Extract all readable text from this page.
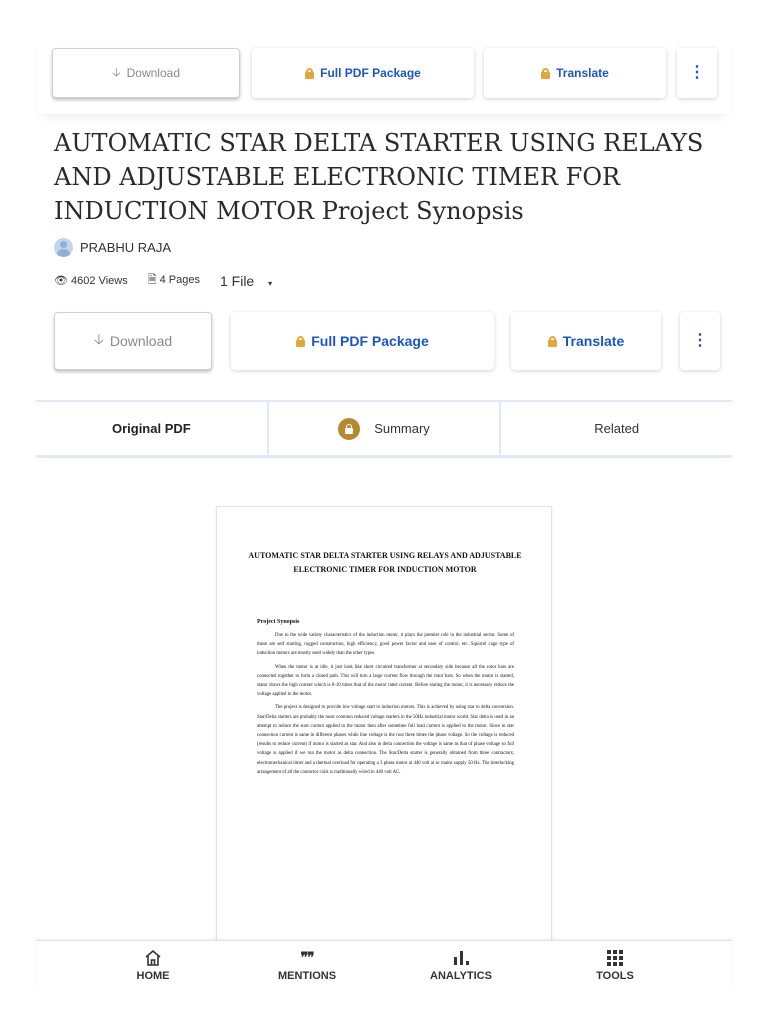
🡣 Download	Full PDF Package	Translate	⋮
AUTOMATIC STAR DELTA STARTER USING RELAYS AND ADJUSTABLE ELECTRONIC TIMER FOR INDUCTION MOTOR Project Synopsis
PRABHU RAJA
👁 4602 Views	🗎 4 Pages	1 File ▾
🡣 Download	Full PDF Package	Translate	⋮
Original PDF	Summary	Related
AUTOMATIC STAR DELTA STARTER USING RELAYS AND ADJUSTABLE ELECTRONIC TIMER FOR INDUCTION MOTOR
Project Synopsis

Due to the wide variety characteristics of the induction motor, it plays the premier role in the industrial sector. Some of those are self starting, rugged construction, high efficiency, good power factor and ease of control, etc. Squirrel cage type of induction motors are mostly used widely than the other types.

When the motor is at idle, it just look like short circuited transformer at secondary side because all the rotor bars are connected together to form a closed path. This will turn a large current flow through the rotor bars. So when the motor is started, stator draws the high current which is 8-10 times that of the motor rated current. Before staring the motor, it is necessary reduce the voltage applied to the motor.

The project is designed to provide low voltage start to induction motors. This is achieved by using star to delta conversion. Star/Delta starters are probably the most common reduced voltage starters in the 50Hz industrial motor world. Star delta is used in an attempt to reduce the start current applied to the motor then after sometime full load current is applied to the motor. Since in star connection current is same in different phases while line voltage is the root three times the phase voltage. So the voltage is reduced (results to reduce current) if motor is started as star. And also in delta connection the voltage is same as that of phase voltage so full voltage is applied if we run the motor as delta connection. The Star/Delta starter is generally obtained from three contractors; electromechanical timer and a thermal overload for operating a 3 phase motor at 440 volt at ac mains supply 50 Hz. The interlocking arrangement of all the contactor coils is traditionally wired in 440 volt AC.

HOME
❞❞
MENTIONS	ANALYTICS	TOOLS
